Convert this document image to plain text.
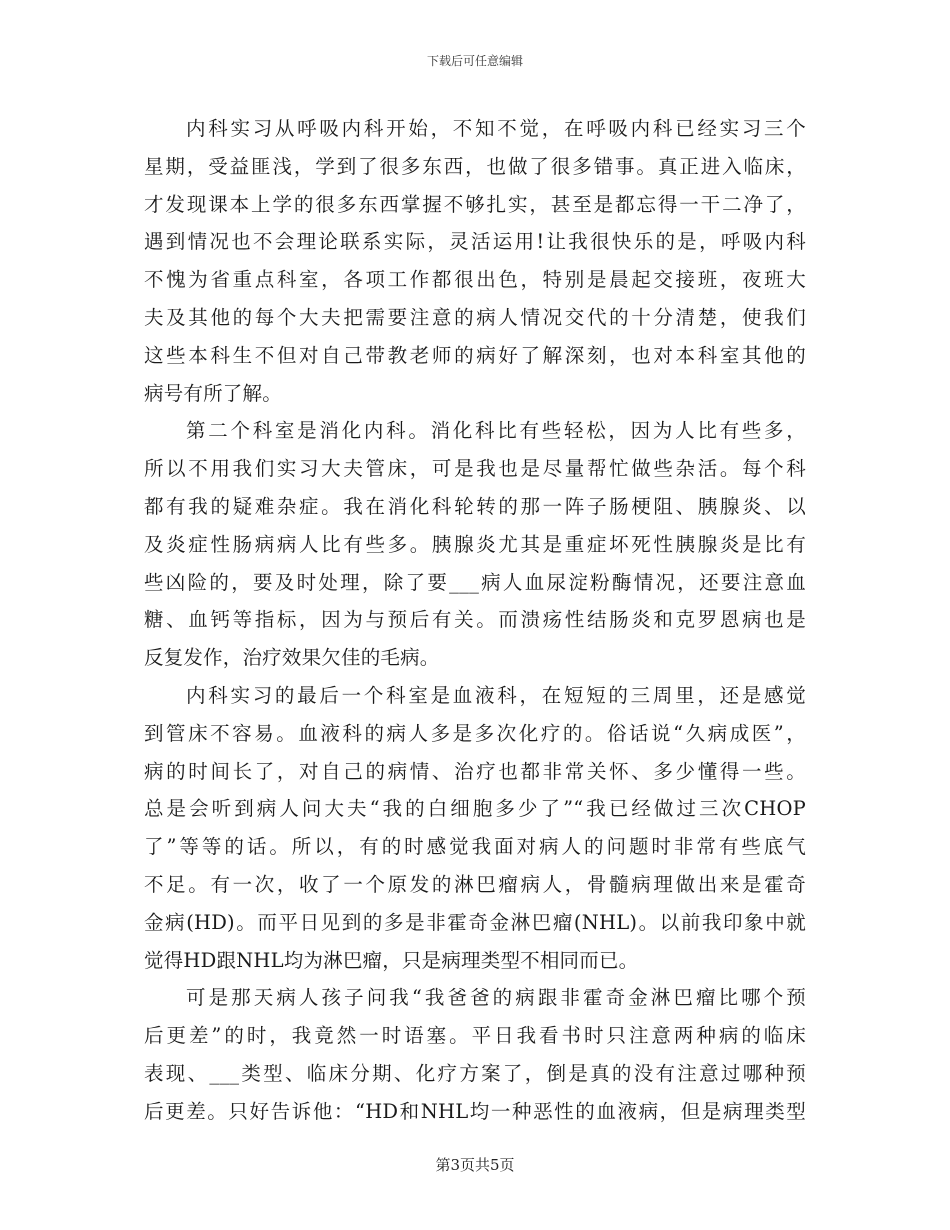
下载后可任意编辑
内科实习从呼吸内科开始，不知不觉，在呼吸内科已经实习三个
星期，受益匪浅，学到了很多东西，也做了很多错事。真正进入临床，
才发现课本上学的很多东西掌握不够扎实，甚至是都忘得一干二净了，
遇到情况也不会理论联系实际，灵活运用!让我很快乐的是，呼吸内科
不愧为省重点科室，各项工作都很出色，特别是晨起交接班，夜班大
夫及其他的每个大夫把需要注意的病人情况交代的十分清楚，使我们
这些本科生不但对自己带教老师的病好了解深刻，也对本科室其他的
病号有所了解。
第二个科室是消化内科。消化科比有些轻松，因为人比有些多，
所以不用我们实习大夫管床，可是我也是尽量帮忙做些杂活。每个科
都有我的疑难杂症。我在消化科轮转的那一阵子肠梗阻、胰腺炎、以
及炎症性肠病病人比有些多。胰腺炎尤其是重症坏死性胰腺炎是比有
些凶险的，要及时处理，除了要___病人血尿淀粉酶情况，还要注意血
糖、血钙等指标，因为与预后有关。而溃疡性结肠炎和克罗恩病也是
反复发作，治疗效果欠佳的毛病。
内科实习的最后一个科室是血液科，在短短的三周里，还是感觉
到管床不容易。血液科的病人多是多次化疗的。俗话说“久病成医”，
病的时间长了，对自己的病情、治疗也都非常关怀、多少懂得一些。
总是会听到病人问大夫“我的白细胞多少了”“我已经做过三次CHOP
了”等等的话。所以，有的时感觉我面对病人的问题时非常有些底气
不足。有一次，收了一个原发的淋巴瘤病人，骨髓病理做出来是霍奇
金病(HD)。而平日见到的多是非霍奇金淋巴瘤(NHL)。以前我印象中就
觉得HD跟NHL均为淋巴瘤，只是病理类型不相同而已。
可是那天病人孩子问我“我爸爸的病跟非霍奇金淋巴瘤比哪个预
后更差”的时，我竟然一时语塞。平日我看书时只注意两种病的临床
表现、___类型、临床分期、化疗方案了，倒是真的没有注意过哪种预
后更差。只好告诉他：“HD和NHL均一种恶性的血液病，但是病理类型
第3页共5页
